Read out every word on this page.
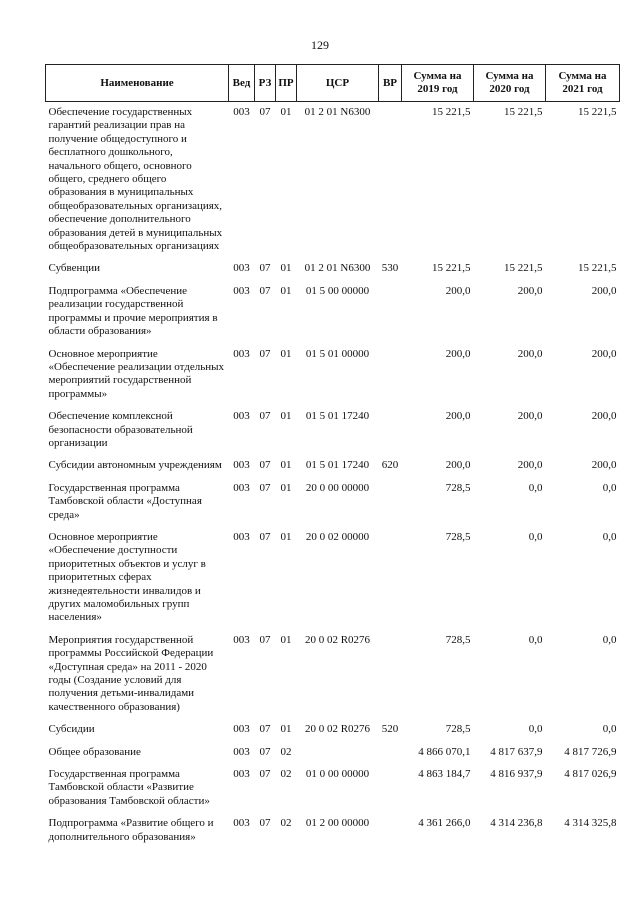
129
Наименование	Вед	РЗ	ПР	ЦСР	ВР	Сумма на 2019 год	Сумма на 2020 год	Сумма на 2021 год
Обеспечение государственных гарантий реализации прав на получение общедоступного и бесплатного дошкольного, начального общего, основного общего, среднего общего образования в муниципальных общеобразовательных организациях, обеспечение дополнительного образования детей в муниципальных общеобразовательных организациях	003	07	01	01 2 01 N6300		15 221,5	15 221,5	15 221,5
Субвенции	003	07	01	01 2 01 N6300	530	15 221,5	15 221,5	15 221,5
Подпрограмма «Обеспечение реализации государственной программы и прочие мероприятия в области образования»	003	07	01	01 5 00 00000		200,0	200,0	200,0
Основное мероприятие «Обеспечение реализации отдельных мероприятий государственной программы»	003	07	01	01 5 01 00000		200,0	200,0	200,0
Обеспечение комплексной безопасности образовательной организации	003	07	01	01 5 01 17240		200,0	200,0	200,0
Субсидии автономным учреждениям	003	07	01	01 5 01 17240	620	200,0	200,0	200,0
Государственная программа Тамбовской области «Доступная среда»	003	07	01	20 0 00 00000		728,5	0,0	0,0
Основное мероприятие «Обеспечение доступности приоритетных объектов и услуг в приоритетных сферах жизнедеятельности инвалидов и других маломобильных групп населения»	003	07	01	20 0 02 00000		728,5	0,0	0,0
Мероприятия государственной программы Российской Федерации «Доступная среда» на 2011 - 2020 годы (Создание условий для получения детьми-инвалидами качественного образования)	003	07	01	20 0 02 R0276		728,5	0,0	0,0
Субсидии	003	07	01	20 0 02 R0276	520	728,5	0,0	0,0
Общее образование	003	07	02			4 866 070,1	4 817 637,9	4 817 726,9
Государственная программа Тамбовской области «Развитие образования Тамбовской области»	003	07	02	01 0 00 00000		4 863 184,7	4 816 937,9	4 817 026,9
Подпрограмма «Развитие общего и дополнительного образования»	003	07	02	01 2 00 00000		4 361 266,0	4 314 236,8	4 314 325,8
